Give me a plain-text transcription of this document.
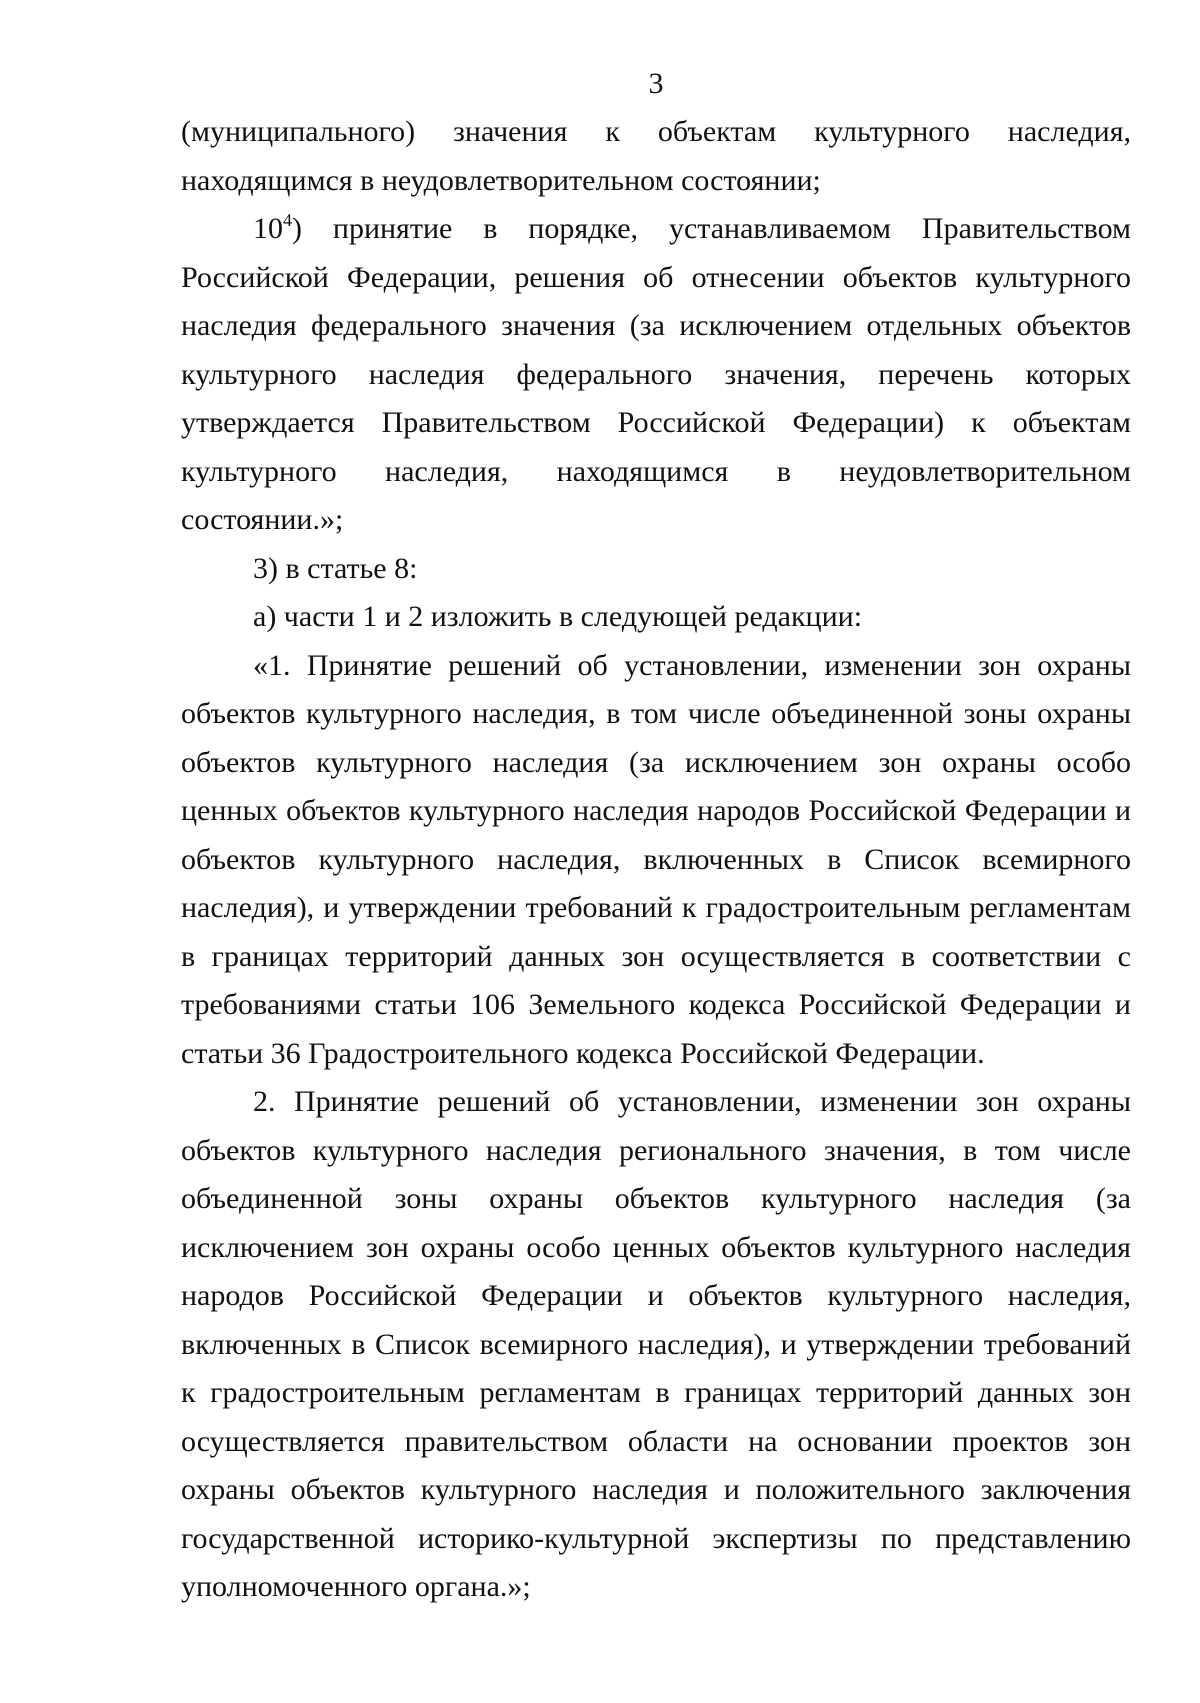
3

(муниципального) значения к объектам культурного наследия, находящимся в неудовлетворительном состоянии;

$10^4$) принятие в порядке, устанавливаемом Правительством Российской Федерации, решения об отнесении объектов культурного наследия федерального значения (за исключением отдельных объектов культурного наследия федерального значения, перечень которых утверждается Правительством Российской Федерации) к объектам культурного наследия, находящимся в неудовлетворительном состоянии.»;

3) в статье 8:

а) части 1 и 2 изложить в следующей редакции:

«1. Принятие решений об установлении, изменении зон охраны объектов культурного наследия, в том числе объединенной зоны охраны объектов культурного наследия (за исключением зон охраны особо ценных объектов культурного наследия народов Российской Федерации и объектов культурного наследия, включенных в Список всемирного наследия), и утверждении требований к градостроительным регламентам в границах территорий данных зон осуществляется в соответствии с требованиями статьи 106 Земельного кодекса Российской Федерации и статьи 36 Градостроительного кодекса Российской Федерации.

2. Принятие решений об установлении, изменении зон охраны объектов культурного наследия регионального значения, в том числе объединенной зоны охраны объектов культурного наследия (за исключением зон охраны особо ценных объектов культурного наследия народов Российской Федерации и объектов культурного наследия, включенных в Список всемирного наследия), и утверждении требований к градостроительным регламентам в границах территорий данных зон осуществляется правительством области на основании проектов зон охраны объектов культурного наследия и положительного заключения государственной историко-культурной экспертизы по представлению уполномоченного органа.»;
